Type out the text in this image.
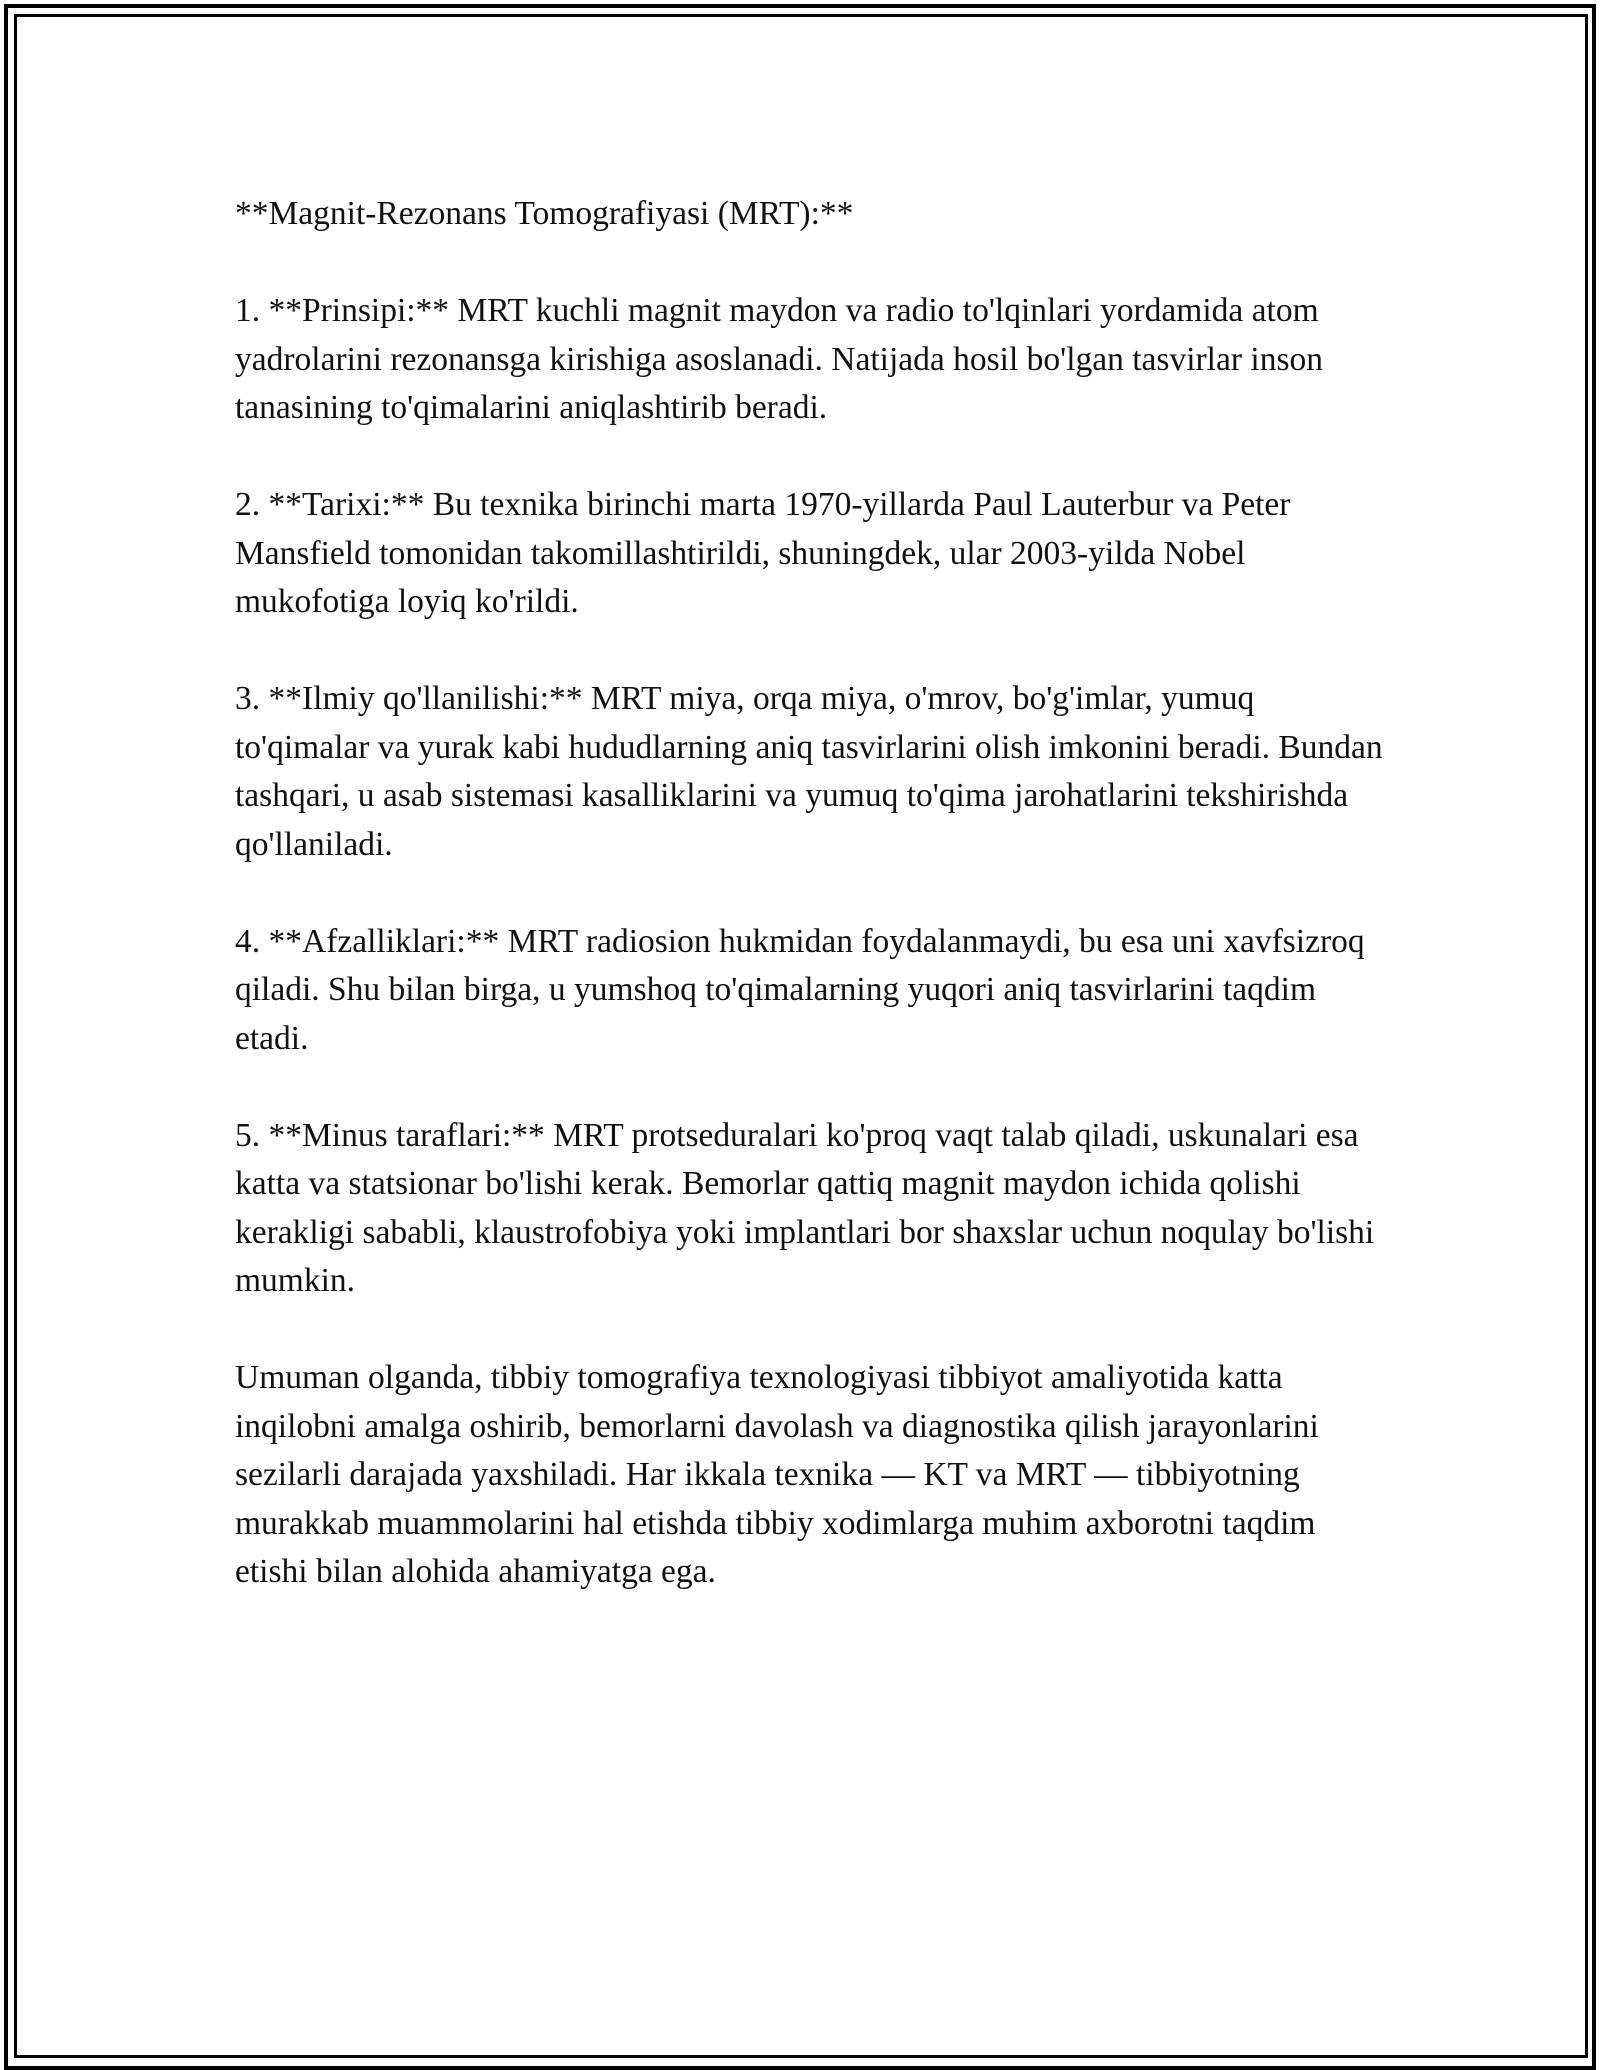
**Magnit-Rezonans Tomografiyasi (MRT):**

1. **Prinsipi:** MRT kuchli magnit maydon va radio to'lqinlari yordamida atom yadrolarini rezonansga kirishiga asoslanadi. Natijada hosil bo'lgan tasvirlar inson tanasining to'qimalarini aniqlashtirib beradi.

2. **Tarixi:** Bu texnika birinchi marta 1970-yillarda Paul Lauterbur va Peter Mansfield tomonidan takomillashtirildi, shuningdek, ular 2003-yilda Nobel mukofotiga loyiq ko'rildi.

3. **Ilmiy qo'llanilishi:** MRT miya, orqa miya, o'mrov, bo'g'imlar, yumuq to'qimalar va yurak kabi hududlarning aniq tasvirlarini olish imkonini beradi. Bundan tashqari, u asab sistemasi kasalliklarini va yumuq to'qima jarohatlarini tekshirishda qo'llaniladi.

4. **Afzalliklari:** MRT radiosion hukmidan foydalanmaydi, bu esa uni xavfsizroq qiladi. Shu bilan birga, u yumshoq to'qimalarning yuqori aniq tasvirlarini taqdim etadi.

5. **Minus taraflari:** MRT protseduralari ko'proq vaqt talab qiladi, uskunalari esa katta va statsionar bo'lishi kerak. Bemorlar qattiq magnit maydon ichida qolishi kerakligi sababli, klaustrofobiya yoki implantlari bor shaxslar uchun noqulay bo'lishi mumkin.

Umuman olganda, tibbiy tomografiya texnologiyasi tibbiyot amaliyotida katta inqilobni amalga oshirib, bemorlarni davolash va diagnostika qilish jarayonlarini sezilarli darajada yaxshiladi. Har ikkala texnika — KT va MRT — tibbiyotning murakkab muammolarini hal etishda tibbiy xodimlarga muhim axborotni taqdim etishi bilan alohida ahamiyatga ega.
